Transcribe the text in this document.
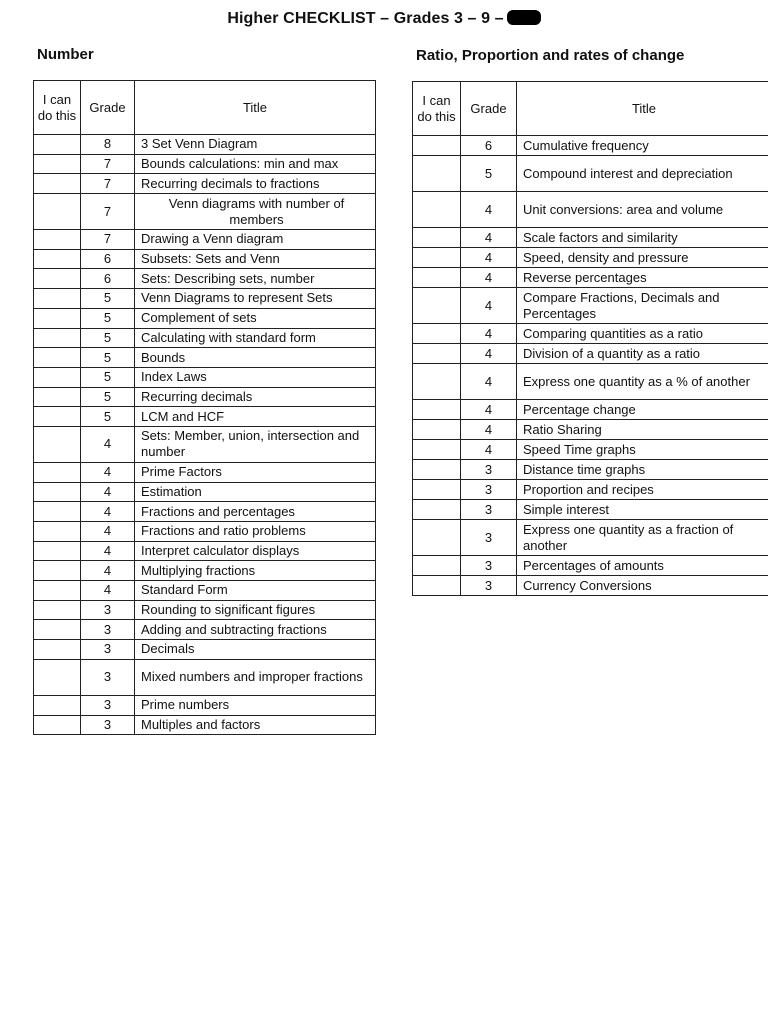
Higher CHECKLIST – Grades 3 – 9 –
Number	Ratio, Proportion and rates of change
I can do this	Grade	Title
	8	3 Set Venn Diagram
	7	Bounds calculations: min and max
	7	Recurring decimals to fractions
	7	Venn diagrams with number of members
	7	Drawing a Venn diagram
	6	Subsets: Sets and Venn
	6	Sets: Describing sets, number
	5	Venn Diagrams to represent Sets
	5	Complement of sets
	5	Calculating with standard form
	5	Bounds
	5	Index Laws
	5	Recurring decimals
	5	LCM and HCF
	4	Sets: Member, union, intersection and number
	4	Prime Factors
	4	Estimation
	4	Fractions and percentages
	4	Fractions and ratio problems
	4	Interpret calculator displays
	4	Multiplying fractions
	4	Standard Form
	3	Rounding to significant figures
	3	Adding and subtracting fractions
	3	Decimals
	3	Mixed numbers and improper fractions
	3	Prime numbers
	3	Multiples and factors
I can do this	Grade	Title
	6	Cumulative frequency
	5	Compound interest and depreciation
	4	Unit conversions: area and volume
	4	Scale factors and similarity
	4	Speed, density and pressure
	4	Reverse percentages
	4	Compare Fractions, Decimals and Percentages
	4	Comparing quantities as a ratio
	4	Division of a quantity as a ratio
	4	Express one quantity as a % of another
	4	Percentage change
	4	Ratio Sharing
	4	Speed Time graphs
	3	Distance time graphs
	3	Proportion and recipes
	3	Simple interest
	3	Express one quantity as a fraction of another
	3	Percentages of amounts
	3	Currency Conversions
